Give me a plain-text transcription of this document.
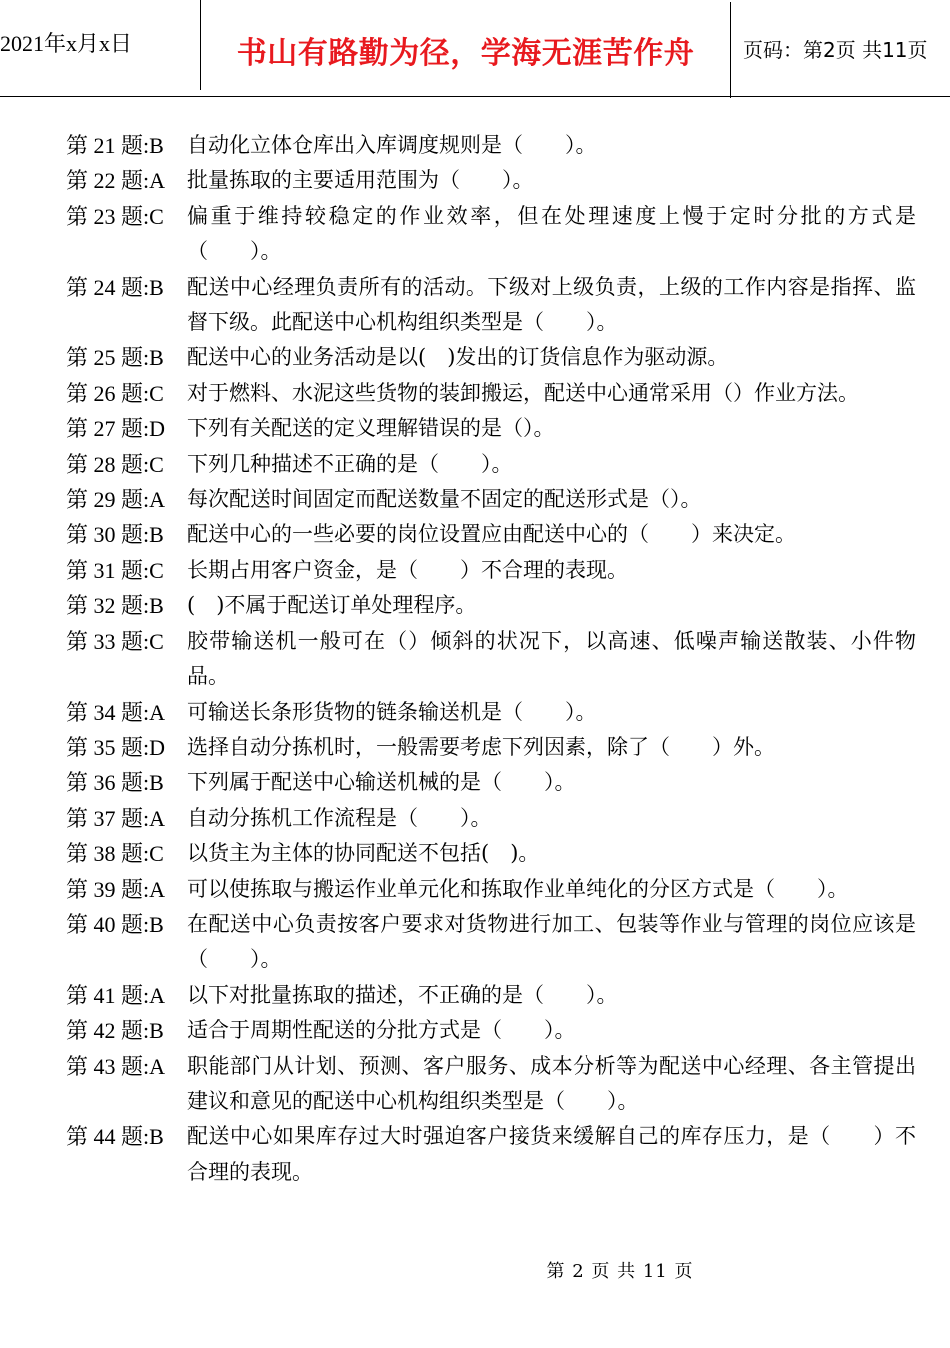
2021年x月x日	书山有路勤为径，学海无涯苦作舟	页码：第2页 共11页
第 21 题:B 自动化立体仓库出入库调度规则是（　　）。
第 22 题:A 批量拣取的主要适用范围为（　　）。
第 23 题:C 偏重于维持较稳定的作业效率，但在处理速度上慢于定时分批的方式是（　　）。
第 24 题:B 配送中心经理负责所有的活动。下级对上级负责，上级的工作内容是指挥、监督下级。此配送中心机构组织类型是（　　）。
第 25 题:B 配送中心的业务活动是以(　)发出的订货信息作为驱动源。
第 26 题:C 对于燃料、水泥这些货物的装卸搬运，配送中心通常采用（）作业方法。
第 27 题:D 下列有关配送的定义理解错误的是（）。
第 28 题:C 下列几种描述不正确的是（　　）。
第 29 题:A 每次配送时间固定而配送数量不固定的配送形式是（）。
第 30 题:B 配送中心的一些必要的岗位设置应由配送中心的（　　）来决定。
第 31 题:C 长期占用客户资金，是（　　）不合理的表现。
第 32 题:B (　)不属于配送订单处理程序。
第 33 题:C 胶带输送机一般可在（）倾斜的状况下，以高速、低噪声输送散装、小件物品。
第 34 题:A 可输送长条形货物的链条输送机是（　　）。
第 35 题:D 选择自动分拣机时，一般需要考虑下列因素，除了（　　）外。
第 36 题:B 下列属于配送中心输送机械的是（　　）。
第 37 题:A 自动分拣机工作流程是（　　）。
第 38 题:C 以货主为主体的协同配送不包括(　)。
第 39 题:A 可以使拣取与搬运作业单元化和拣取作业单纯化的分区方式是（　　）。
第 40 题:B 在配送中心负责按客户要求对货物进行加工、包装等作业与管理的岗位应该是（　　）。
第 41 题:A 以下对批量拣取的描述，不正确的是（　　）。
第 42 题:B 适合于周期性配送的分批方式是（　　）。
第 43 题:A 职能部门从计划、预测、客户服务、成本分析等为配送中心经理、各主管提出建议和意见的配送中心机构组织类型是（　　）。
第 44 题:B 配送中心如果库存过大时强迫客户接货来缓解自己的库存压力，是（　　）不合理的表现。
第 2 页 共 11 页
